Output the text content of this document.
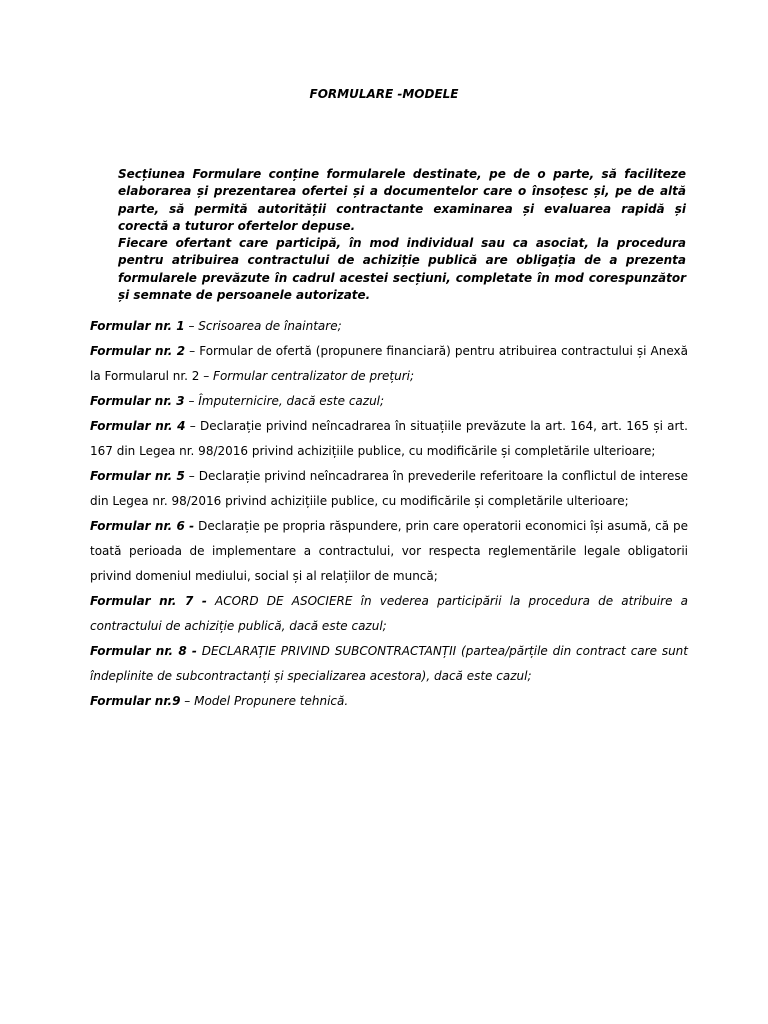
FORMULARE -MODELE

Secțiunea Formulare conține formularele destinate, pe de o parte, să faciliteze elaborarea și prezentarea ofertei și a documentelor care o însoțesc și, pe de altă parte, să permită autorității contractante examinarea și evaluarea rapidă și corectă a tuturor ofertelor depuse.

Fiecare ofertant care participă, în mod individual sau ca asociat, la procedura pentru atribuirea contractului de achiziție publică are obligația de a prezenta formularele prevăzute în cadrul acestei secțiuni, completate în mod corespunzător și semnate de persoanele autorizate.

Formular nr. 1 – Scrisoarea de înaintare;

Formular nr. 2 – Formular de ofertă (propunere financiară) pentru atribuirea contractului și Anexă la Formularul nr. 2 – Formular centralizator de prețuri;

Formular nr. 3 – Împuternicire, dacă este cazul;

Formular nr. 4 – Declarație privind neîncadrarea în situațiile prevăzute la art. 164, art. 165 și art. 167 din Legea nr. 98/2016 privind achizițiile publice, cu modificările și completările ulterioare;

Formular nr. 5 – Declarație privind neîncadrarea în prevederile referitoare la conflictul de interese din Legea nr. 98/2016 privind achizițiile publice, cu modificările și completările ulterioare;

Formular nr. 6 - Declarație pe propria răspundere, prin care operatorii economici își asumă, că pe toată perioada de implementare a contractului, vor respecta reglementările legale obligatorii privind domeniul mediului, social și al relațiilor de muncă;

Formular nr. 7 - ACORD DE ASOCIERE în vederea participării la procedura de atribuire a contractului de achiziție publică, dacă este cazul;

Formular nr. 8 - DECLARAȚIE PRIVIND SUBCONTRACTANȚII (partea/părțile din contract care sunt îndeplinite de subcontractanți și specializarea acestora), dacă este cazul;

Formular nr.9 – Model Propunere tehnică.
